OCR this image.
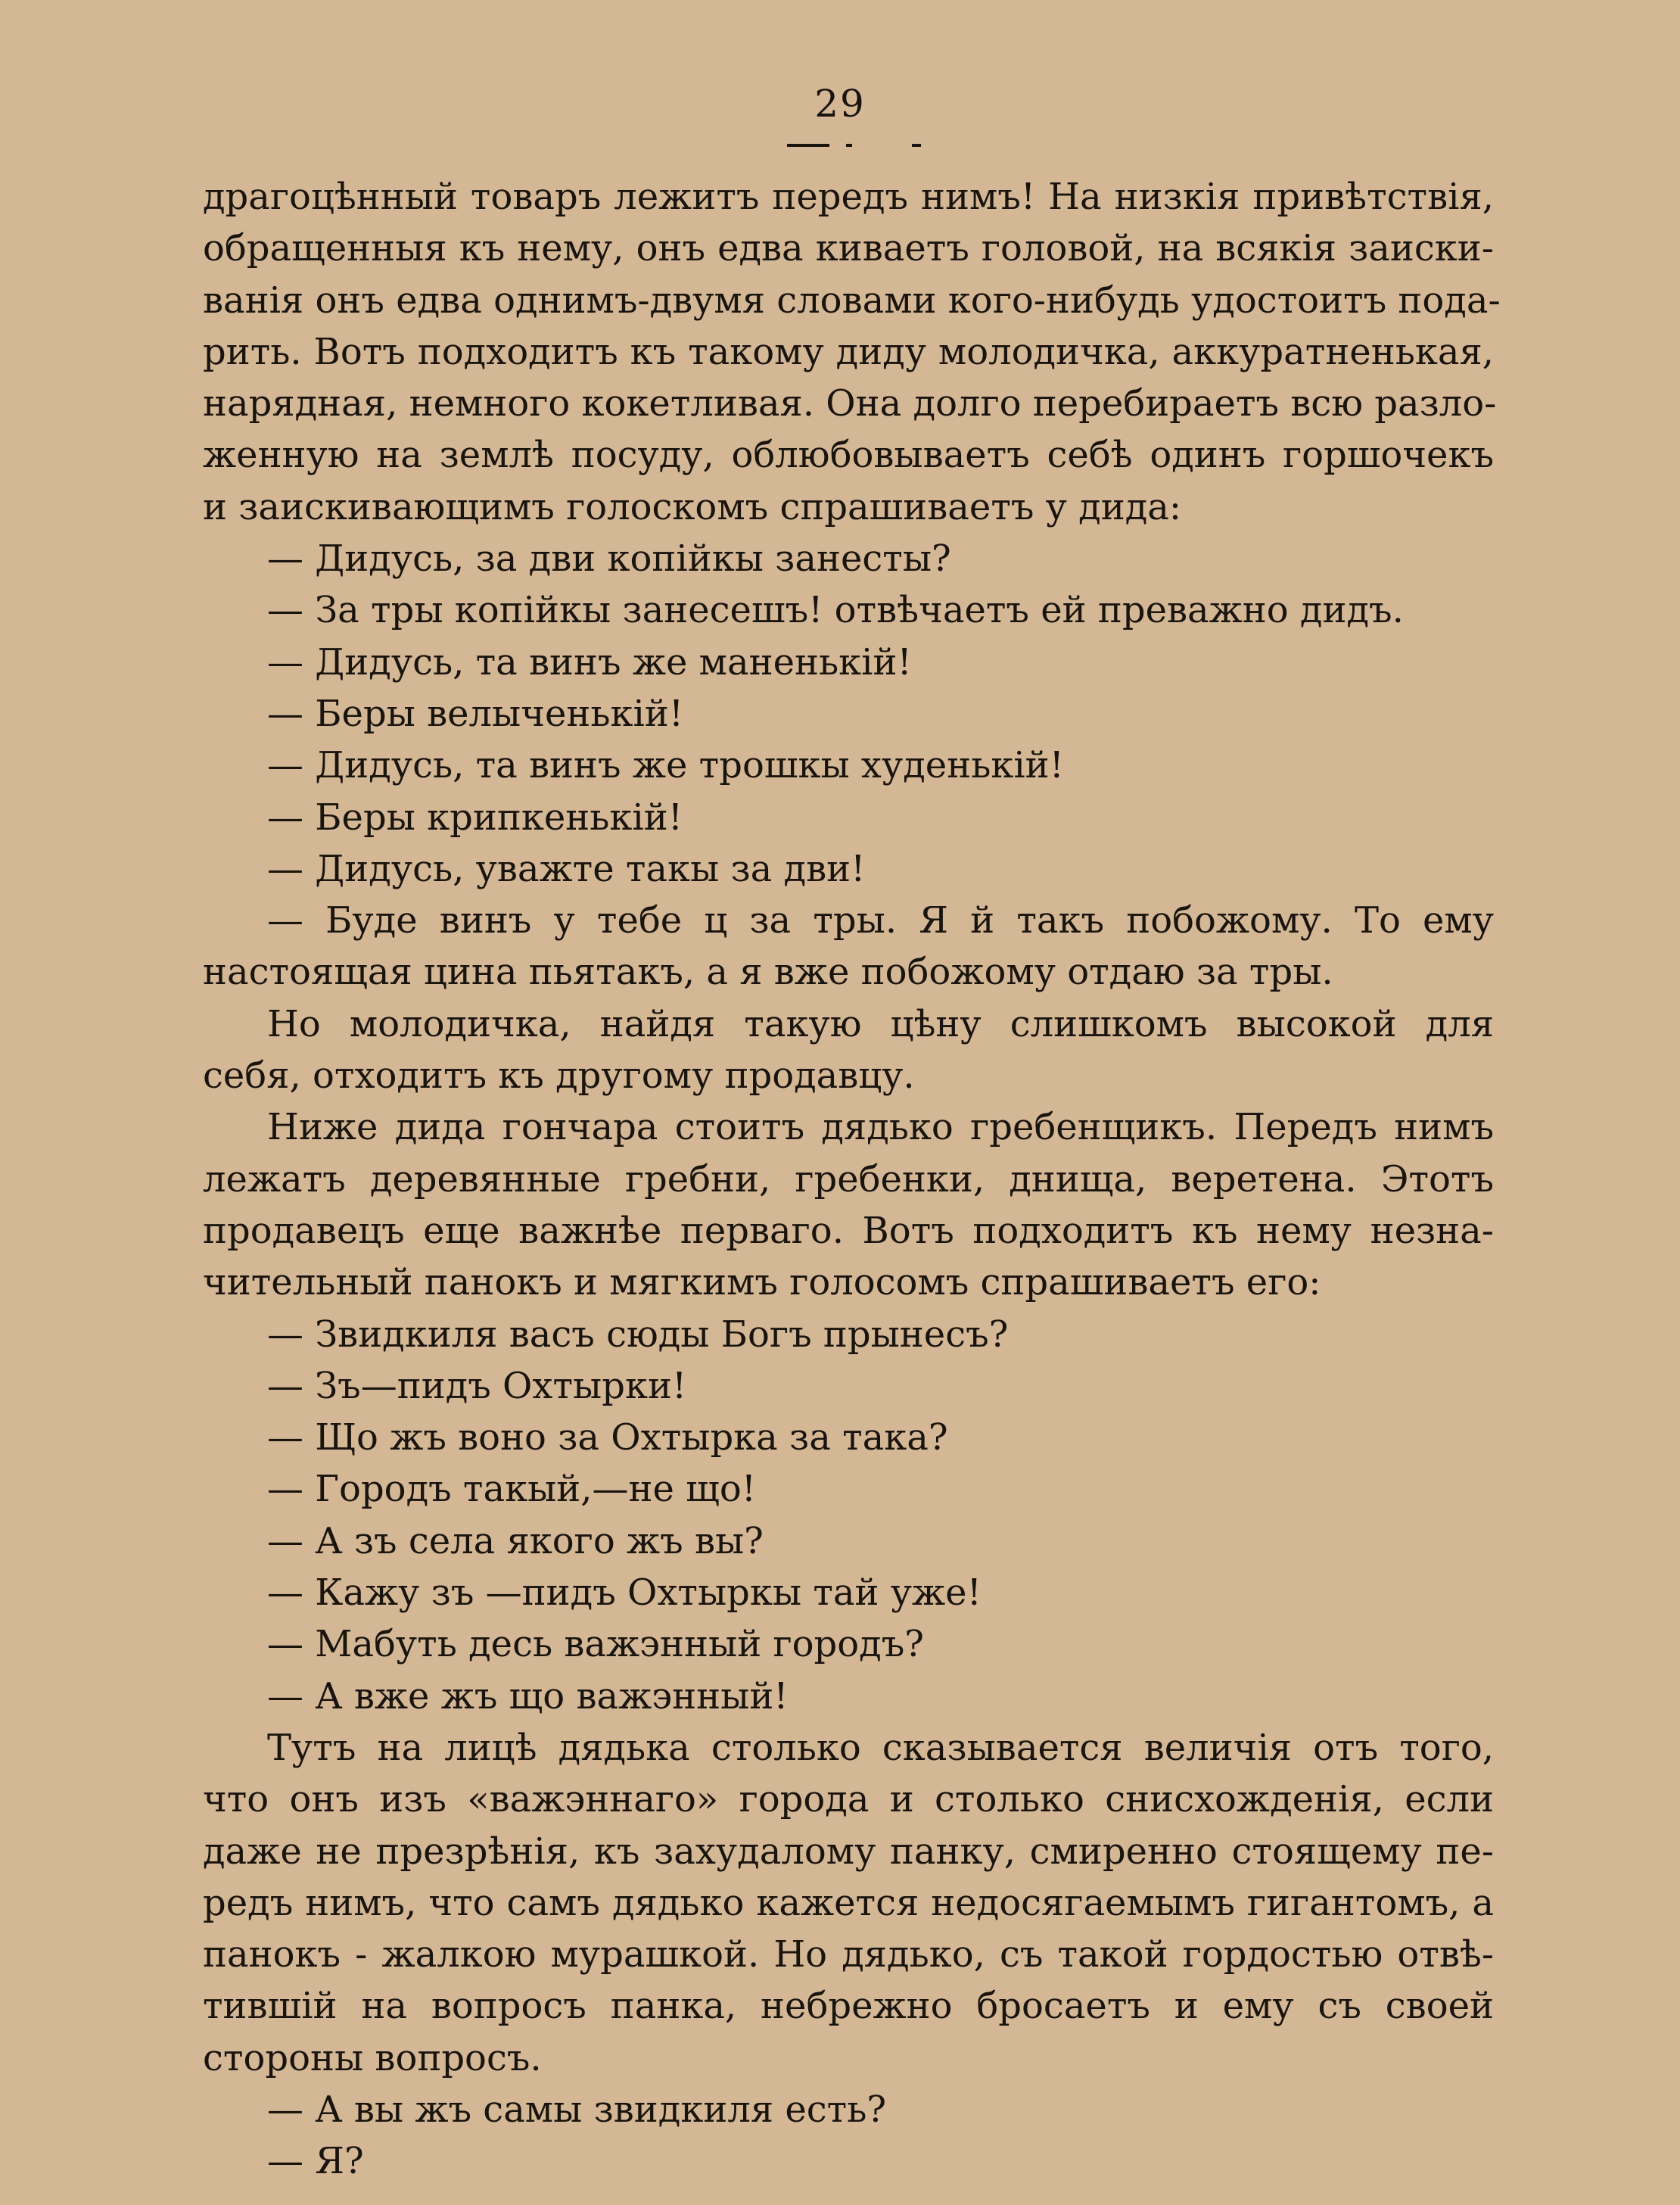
29
драгоцѣнный товаръ лежитъ передъ нимъ! На низкія привѣтствія,
обращенныя къ нему, онъ едва киваетъ головой, на всякія заиски-
ванія онъ едва однимъ-двумя словами кого-нибудь удостоитъ пода-
рить. Вотъ подходитъ къ такому диду молодичка, аккуратненькая,
нарядная, немного кокетливая. Она долго перебираетъ всю разло-
женную на землѣ посуду, облюбовываетъ себѣ одинъ горшочекъ
и заискивающимъ голоскомъ спрашиваетъ у дида:
— Дидусь, за дви копійкы занесты?
— За тры копійкы занесешъ! отвѣчаетъ ей преважно дидъ.
— Дидусь, та винъ же маненькій!
— Беры велыченькій!
— Дидусь, та винъ же трошкы худенькій!
— Беры крипкенькій!
— Дидусь, уважте такы за дви!
— Буде винъ у тебе ц за тры. Я й такъ побожому. То ему
настоящая цина пьятакъ, а я вже побожому отдаю за тры.
Но молодичка, найдя такую цѣну слишкомъ высокой для
себя, отходитъ къ другому продавцу.
Ниже дида гончара стоитъ дядько гребенщикъ. Передъ нимъ
лежатъ деревянные гребни, гребенки, днища, веретена. Этотъ
продавецъ еще важнѣе перваго. Вотъ подходитъ къ нему незна-
чительный панокъ и мягкимъ голосомъ спрашиваетъ его:
— Звидкиля васъ сюды Богъ прынесъ?
— Зъ—пидъ Охтырки!
— Що жъ воно за Охтырка за така?
— Городъ такый,—не що!
— А зъ села якого жъ вы?
— Кажу зъ —пидъ Охтыркы тай уже!
— Мабуть десь важэнный городъ?
— А вже жъ що важэнный!
Тутъ на лицѣ дядька столько сказывается величія отъ того,
что онъ изъ «важэннаго» города и столько снисхожденія, если
даже не презрѣнія, къ захудалому панку, смиренно стоящему пе-
редъ нимъ, что самъ дядько кажется недосягаемымъ гигантомъ, а
панокъ - жалкою мурашкой. Но дядько, съ такой гордостью отвѣ-
тившій на вопросъ панка, небрежно бросаетъ и ему съ своей
стороны вопросъ.
— А вы жъ самы звидкиля есть?
— Я?
